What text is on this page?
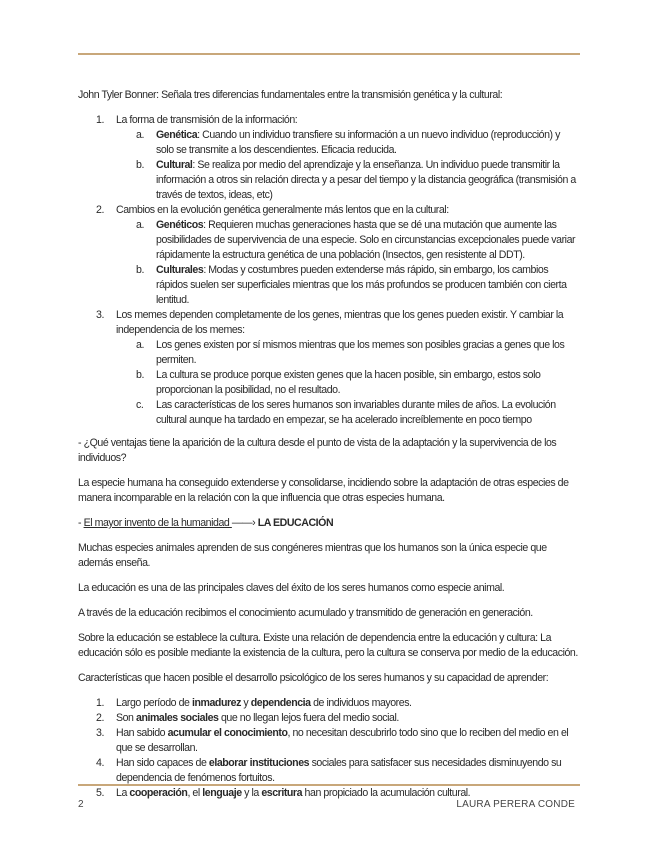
John Tyler Bonner: Señala tres diferencias fundamentales entre la transmisión genética y la cultural:

1. La forma de transmisión de la información:
a. Genética: Cuando un individuo transfiere su información a un nuevo individuo (reproducción) y solo se transmite a los descendientes. Eficacia reducida.
b. Cultural: Se realiza por medio del aprendizaje y la enseñanza. Un individuo puede transmitir la información a otros sin relación directa y a pesar del tiempo y la distancia geográfica (transmisión a través de textos, ideas, etc)
2. Cambios en la evolución genética generalmente más lentos que en la cultural:
a. Genéticos: Requieren muchas generaciones hasta que se dé una mutación que aumente las posibilidades de supervivencia de una especie. Solo en circunstancias excepcionales puede variar rápidamente la estructura genética de una población (Insectos, gen resistente al DDT).
b. Culturales: Modas y costumbres pueden extenderse más rápido, sin embargo, los cambios rápidos suelen ser superficiales mientras que los más profundos se producen también con cierta lentitud.
3. Los memes dependen completamente de los genes, mientras que los genes pueden existir. Y cambiar la independencia de los memes:
a. Los genes existen por sí mismos mientras que los memes son posibles gracias a genes que los permiten.
b. La cultura se produce porque existen genes que la hacen posible, sin embargo, estos solo proporcionan la posibilidad, no el resultado.
c. Las características de los seres humanos son invariables durante miles de años. La evolución cultural aunque ha tardado en empezar, se ha acelerado increíblemente en poco tiempo

- ¿Qué ventajas tiene la aparición de la cultura desde el punto de vista de la adaptación y la supervivencia de los individuos?

La especie humana ha conseguido extenderse y consolidarse, incidiendo sobre la adaptación de otras especies de manera incomparable en la relación con la que influencia que otras especies humana.

- El mayor invento de la humanidad ——› LA EDUCACIÓN

Muchas especies animales aprenden de sus congéneres mientras que los humanos son la única especie que además enseña.

La educación es una de las principales claves del éxito de los seres humanos como especie animal.

A través de la educación recibimos el conocimiento acumulado y transmitido de generación en generación.

Sobre la educación se establece la cultura. Existe una relación de dependencia entre la educación y cultura: La educación sólo es posible mediante la existencia de la cultura, pero la cultura se conserva por medio de la educación.

Características que hacen posible el desarrollo psicológico de los seres humanos y su capacidad de aprender:

1. Largo período de inmadurez y dependencia de individuos mayores.
2. Son animales sociales que no llegan lejos fuera del medio social.
3. Han sabido acumular el conocimiento, no necesitan descubrirlo todo sino que lo reciben del medio en el que se desarrollan.
4. Han sido capaces de elaborar instituciones sociales para satisfacer sus necesidades disminuyendo su dependencia de fenómenos fortuitos.
5. La cooperación, el lenguaje y la escritura han propiciado la acumulación cultural.
2	LAURA PERERA CONDE
